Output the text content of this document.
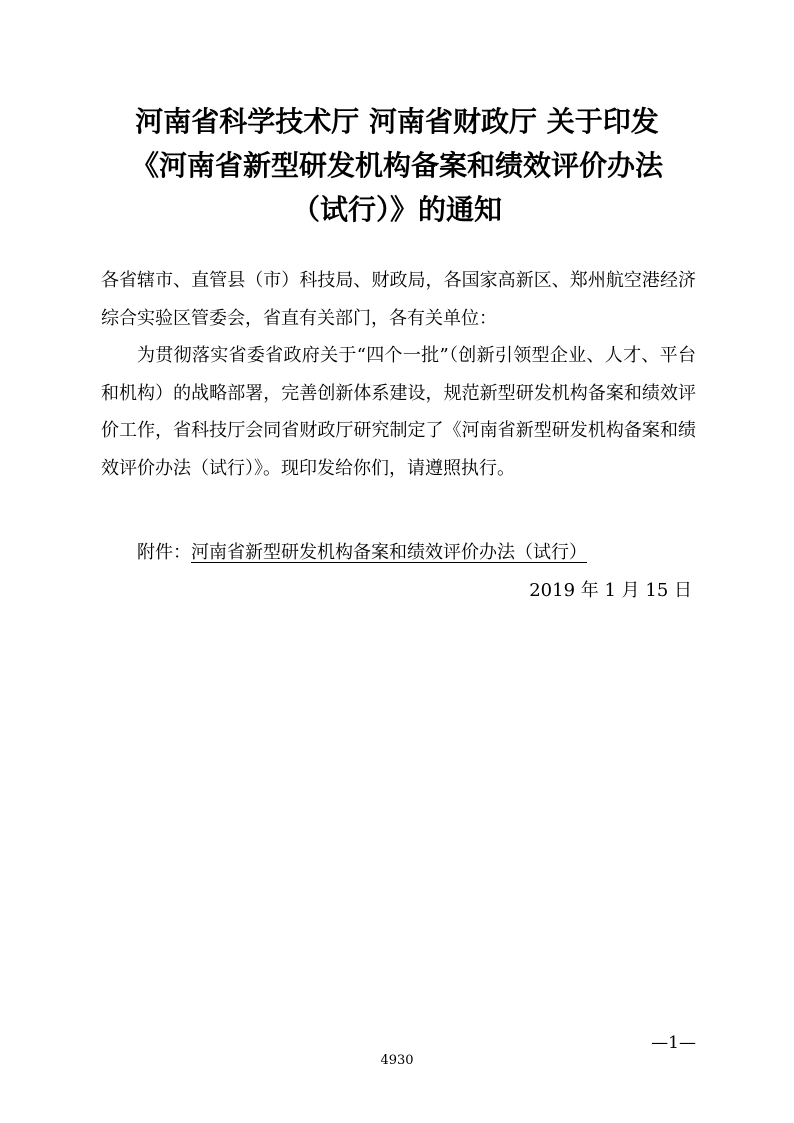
河南省科学技术厅 河南省财政厅 关于印发
《河南省新型研发机构备案和绩效评价办法
（试行）》的通知

各省辖市、直管县（市）科技局、财政局，各国家高新区、郑州航空港经济综合实验区管委会，省直有关部门，各有关单位：

为贯彻落实省委省政府关于“四个一批”（创新引领型企业、人才、平台和机构）的战略部署，完善创新体系建设，规范新型研发机构备案和绩效评价工作，省科技厅会同省财政厅研究制定了《河南省新型研发机构备案和绩效评价办法（试行）》。现印发给你们，请遵照执行。

附件：河南省新型研发机构备案和绩效评价办法（试行）
2019 年 1 月 15 日
—1—
4930
